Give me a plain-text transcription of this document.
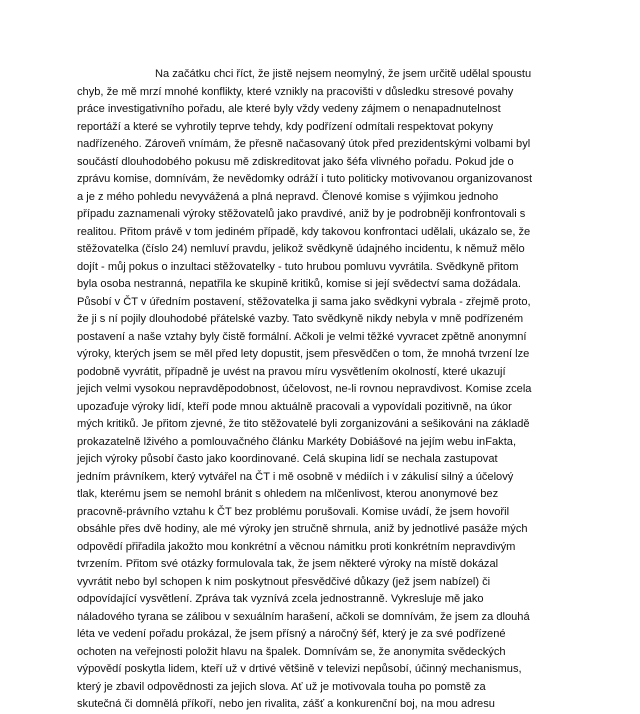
Na začátku chci říct, že jistě nejsem neomylný, že jsem určitě udělal spoustu
chyb, že mě mrzí mnohé konflikty, které vznikly na pracovišti v důsledku stresové povahy
práce investigativního pořadu, ale které byly vždy vedeny zájmem o nenapadnutelnost
reportáží a které se vyhrotily teprve tehdy, kdy podřízení odmítali respektovat pokyny
nadřízeného. Zároveň vnímám, že přesně načasovaný útok před prezidentskými volbami byl
součástí dlouhodobého pokusu mě zdiskreditovat jako šéfa vlivného pořadu. Pokud jde o
zprávu komise, domnívám, že nevědomky odráží i tuto politicky motivovanou organizovanost
a je z mého pohledu nevyvážená a plná nepravd. Členové komise s výjimkou jednoho
případu zaznamenali výroky stěžovatelů jako pravdivé, aniž by je podrobněji konfrontovali s
realitou. Přitom právě v tom jediném případě, kdy takovou konfrontaci udělali, ukázalo se, že
stěžovatelka (číslo 24) nemluví pravdu, jelikož svědkyně údajného incidentu, k němuž mělo
dojít - můj pokus o inzultaci stěžovatelky - tuto hrubou pomluvu vyvrátila. Svědkyně přitom
byla osoba nestranná, nepatřila ke skupině kritiků, komise si její svědectví sama dožádala.
Působí v ČT v úředním postavení, stěžovatelka ji sama jako svědkyni vybrala - zřejmě proto,
že ji s ní pojily dlouhodobé přátelské vazby. Tato svědkyně nikdy nebyla v mně podřízeném
postavení a naše vztahy byly čistě formální. Ačkoli je velmi těžké vyvracet zpětně anonymní
výroky, kterých jsem se měl před lety dopustit, jsem přesvědčen o tom, že mnohá tvrzení lze
podobně vyvrátit, případně je uvést na pravou míru vysvětlením okolností, které ukazují
jejich velmi vysokou nepravděpodobnost, účelovost, ne-li rovnou nepravdivost. Komise zcela
upozaďuje výroky lidí, kteří pode mnou aktuálně pracovali a vypovídali pozitivně, na úkor
mých kritiků. Je přitom zjevné, že tito stěžovatelé byli zorganizováni a sešikováni na základě
prokazatelně lživého a pomlouvačného článku Markéty Dobiášové na jejím webu inFakta,
jejich výroky působí často jako koordinované. Celá skupina lidí se nechala zastupovat
jedním právníkem, který vytvářel na ČT i mě osobně v médiích i v zákulisí silný a účelový
tlak, kterému jsem se nemohl bránit s ohledem na mlčenlivost, kterou anonymové bez
pracovně-právního vztahu k ČT bez problému porušovali. Komise uvádí, že jsem hovořil
obsáhle přes dvě hodiny, ale mé výroky jen stručně shrnula, aniž by jednotlivé pasáže mých
odpovědí přiřadila jakožto mou konkrétní a věcnou námitku proti konkrétním nepravdivým
tvrzením. Přitom své otázky formulovala tak, že jsem některé výroky na místě dokázal
vyvrátit nebo byl schopen k nim poskytnout přesvědčivé důkazy (jež jsem nabízel) či
odpovídající vysvětlení. Zpráva tak vyznívá zcela jednostranně. Vykresluje mě jako
náladového tyrana se zálibou v sexuálním harašení, ačkoli se domnívám, že jsem za dlouhá
léta ve vedení pořadu prokázal, že jsem přísný a náročný šéf, který je za své podřízené
ochoten na veřejnosti položit hlavu na špalek. Domnívám se, že anonymita svědeckých
výpovědí poskytla lidem, kteří už v drtivé většině v televizi nepůsobí, účinný mechanismus,
který je zbavil odpovědnosti za jejich slova. Ať už je motivovala touha po pomstě za
skutečná či domnělá příkoří, nebo jen rivalita, zášť a konkurenční boj, na mou adresu
